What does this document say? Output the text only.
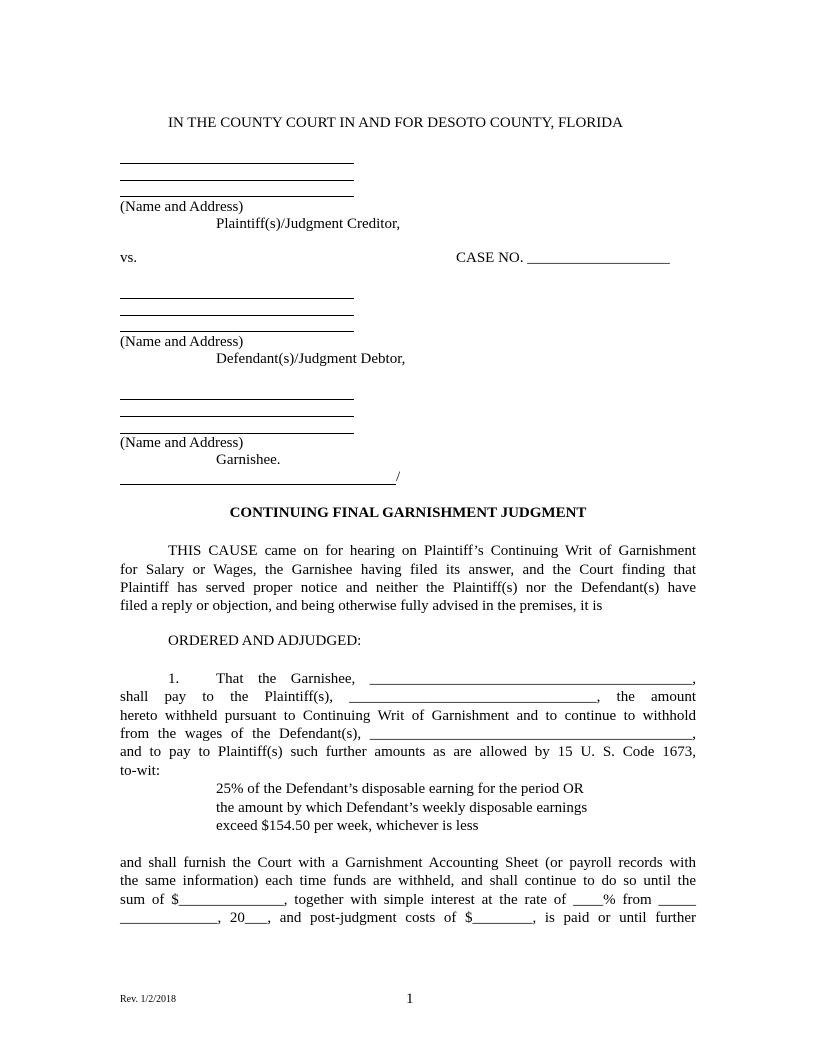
IN THE COUNTY COURT IN AND FOR DESOTO COUNTY, FLORIDA
(Name and Address)
Plaintiff(s)/Judgment Creditor,
vs.	CASE NO. ___________________
(Name and Address)
Defendant(s)/Judgment Debtor,
(Name and Address)
Garnishee.
/
CONTINUING FINAL GARNISHMENT JUDGMENT
THIS CAUSE came on for hearing on Plaintiff’s Continuing Writ of Garnishment
for Salary or Wages, the Garnishee having filed its answer, and the Court finding that
Plaintiff has served proper notice and neither the Plaintiff(s) nor the Defendant(s) have
filed a reply or objection, and being otherwise fully advised in the premises, it is
ORDERED AND ADJUDGED:
1. That the Garnishee, ___________________________________________,
shall pay to the Plaintiff(s), _________________________________, the amount
hereto withheld pursuant to Continuing Writ of Garnishment and to continue to withhold
from the wages of the Defendant(s), ___________________________________________,
and to pay to Plaintiff(s) such further amounts as are allowed by 15 U. S. Code 1673,
to-wit:
25% of the Defendant’s disposable earning for the period OR
the amount by which Defendant’s weekly disposable earnings
exceed $154.50 per week, whichever is less
and shall furnish the Court with a Garnishment Accounting Sheet (or payroll records with
the same information) each time funds are withheld, and shall continue to do so until the
sum of $______________, together with simple interest at the rate of ____% from _____
_____________, 20___, and post-judgment costs of $________, is paid or until further
Rev. 1/2/2018	1
